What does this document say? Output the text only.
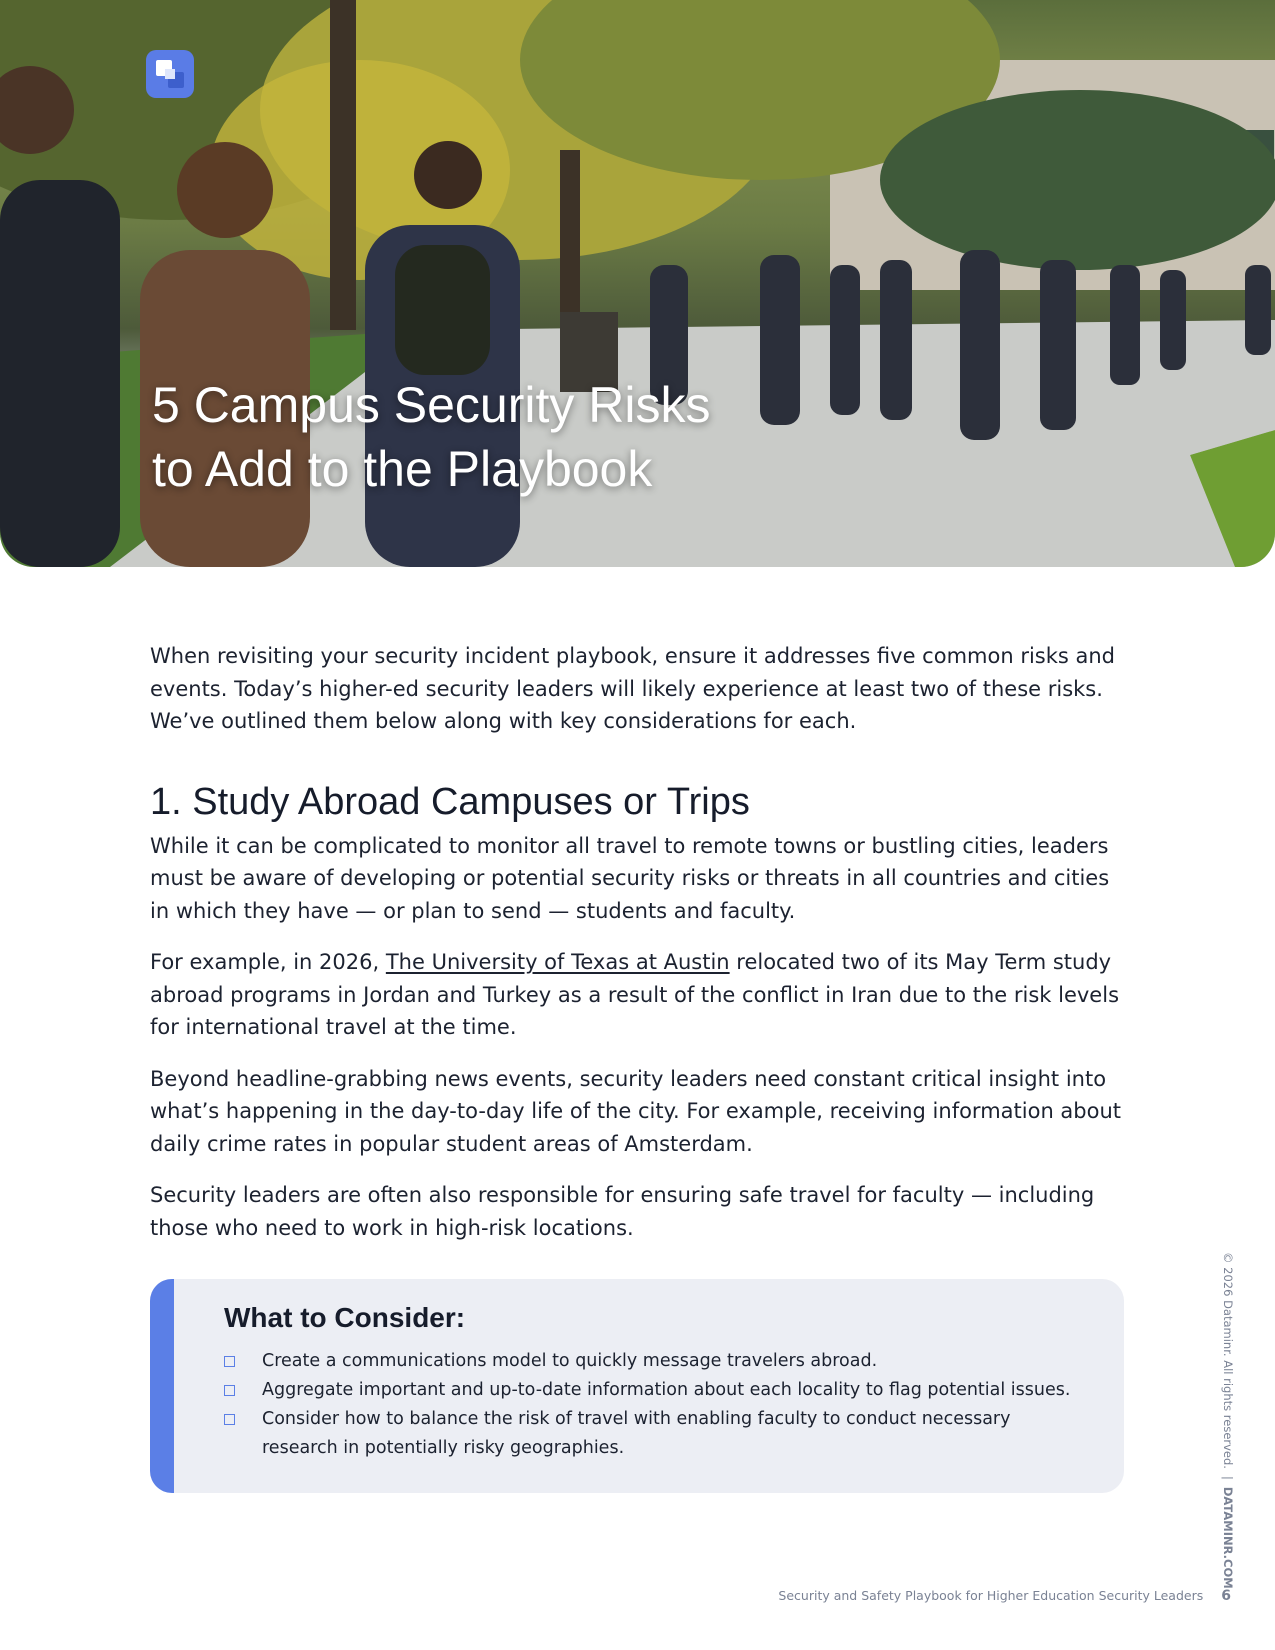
5 Campus Security Risks
to Add to the Playbook

When revisiting your security incident playbook, ensure it addresses five common risks and events. Today’s higher-ed security leaders will likely experience at least two of these risks. We’ve outlined them below along with key considerations for each.

1. Study Abroad Campuses or Trips

While it can be complicated to monitor all travel to remote towns or bustling cities, leaders must be aware of developing or potential security risks or threats in all countries and cities in which they have — or plan to send — students and faculty.

For example, in 2026, The University of Texas at Austin relocated two of its May Term study abroad programs in Jordan and Turkey as a result of the conflict in Iran due to the risk levels for international travel at the time.

Beyond headline-grabbing news events, security leaders need constant critical insight into what’s happening in the day-to-day life of the city. For example, receiving information about daily crime rates in popular student areas of Amsterdam.

Security leaders are often also responsible for ensuring safe travel for faculty — including those who need to work in high-risk locations.

What to Consider:
Create a communications model to quickly message travelers abroad.
Aggregate important and up-to-date information about each locality to flag potential issues.
Consider how to balance the risk of travel with enabling faculty to conduct necessary research in potentially risky geographies.	© 2026 Dataminr. All rights reserved.|DATAMINR.COM
Security and Safety Playbook for Higher Education Security Leaders 6
